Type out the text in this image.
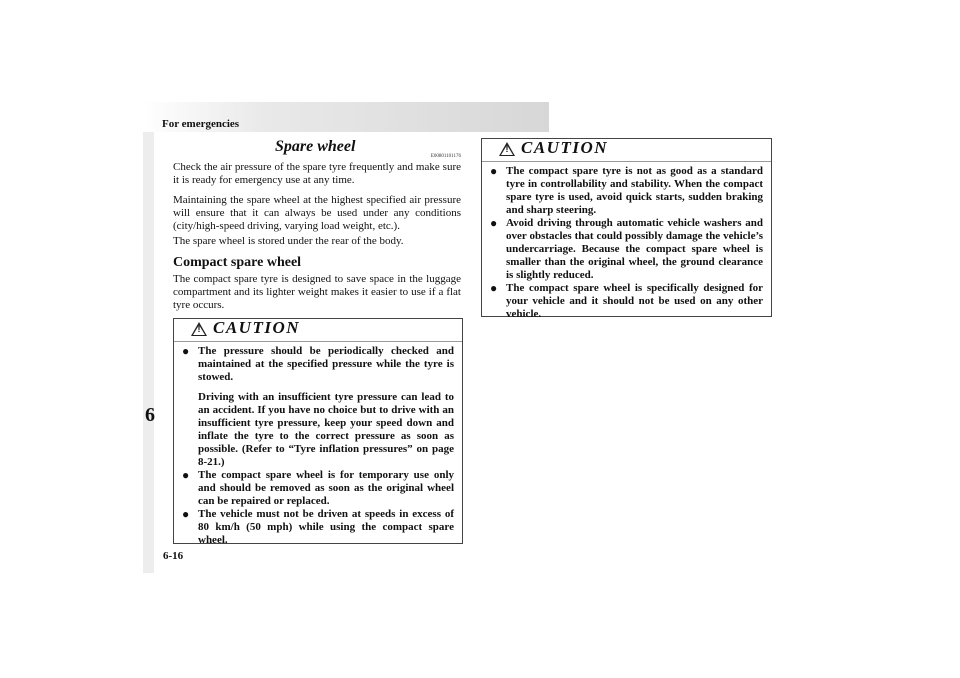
For emergencies
6
6-16
Spare wheel
E00801101176

Check the air pressure of the spare tyre frequently and make sure it is ready for emergency use at any time.

Maintaining the spare wheel at the highest specified air pressure will ensure that it can always be used under any conditions (city/high-speed driving, varying load weight, etc.).

The spare wheel is stored under the rear of the body.

Compact spare wheel

The compact spare tyre is designed to save space in the luggage compartment and its lighter weight makes it easier to use if a flat tyre occurs.

! CAUTION
● The pressure should be periodically checked and maintained at the specified pressure while the tyre is stowed.
Driving with an insufficient tyre pressure can lead to an accident. If you have no choice but to drive with an insufficient tyre pressure, keep your speed down and inflate the tyre to the correct pressure as soon as possible. (Refer to “Tyre inflation pressures” on page 8-21.)
● The compact spare wheel is for temporary use only and should be removed as soon as the original wheel can be repaired or replaced.
● The vehicle must not be driven at speeds in excess of 80 km/h (50 mph) while using the compact spare wheel.
! CAUTION
● The compact spare tyre is not as good as a standard tyre in controllability and stability. When the compact spare tyre is used, avoid quick starts, sudden braking and sharp steering.
● Avoid driving through automatic vehicle washers and over obstacles that could possibly damage the vehicle’s undercarriage. Because the compact spare wheel is smaller than the original wheel, the ground clearance is slightly reduced.
● The compact spare wheel is specifically designed for your vehicle and it should not be used on any other vehicle.
